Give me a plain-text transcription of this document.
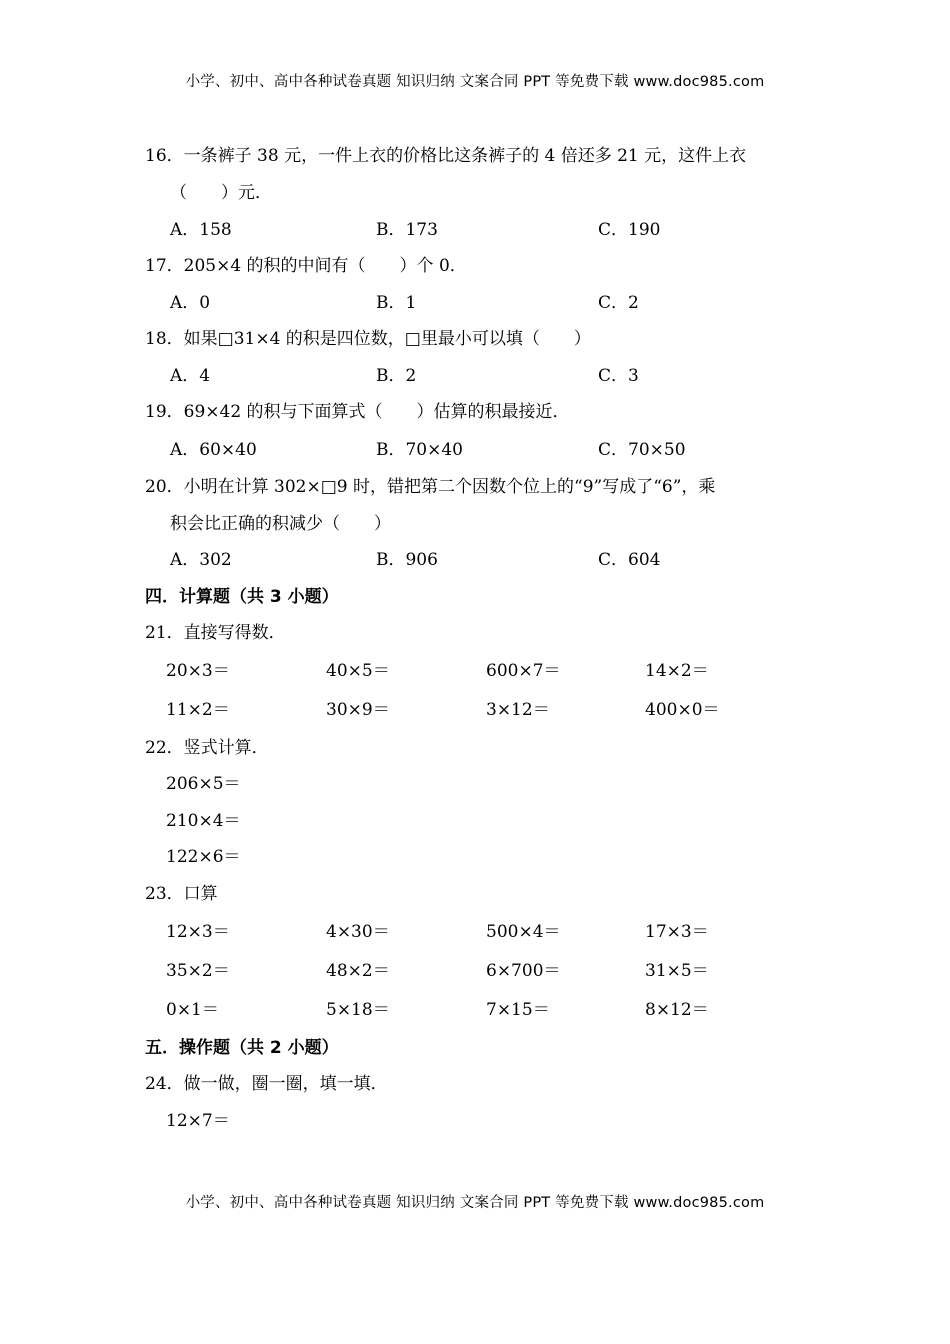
小学、初中、高中各种试卷真题 知识归纳 文案合同 PPT 等免费下载 www.doc985.com
16．一条裤子 38 元，一件上衣的价格比这条裤子的 4 倍还多 21 元，这件上衣
（　　）元．
A．158	B．173	C．190
17．205×4 的积的中间有（　　）个 0．
A．0	B．1	C．2
18．如果□31×4 的积是四位数，□里最小可以填（　　）
A．4	B．2	C．3
19．69×42 的积与下面算式（　　）估算的积最接近．
A．60×40	B．70×40	C．70×50
20．小明在计算 302×□9 时，错把第二个因数个位上的“9”写成了“6”，乘
积会比正确的积减少（　　）
A．302	B．906	C．604
四．计算题（共 3 小题）
21．直接写得数．
20×3＝	40×5＝	600×7＝	14×2＝
11×2＝	30×9＝	3×12＝	400×0＝
22．竖式计算．
206×5＝
210×4＝
122×6＝
23．口算
12×3＝	4×30＝	500×4＝	17×3＝
35×2＝	48×2＝	6×700＝	31×5＝
0×1＝	5×18＝	7×15＝	8×12＝
五．操作题（共 2 小题）
24．做一做，圈一圈，填一填．
12×7＝
小学、初中、高中各种试卷真题 知识归纳 文案合同 PPT 等免费下载 www.doc985.com
